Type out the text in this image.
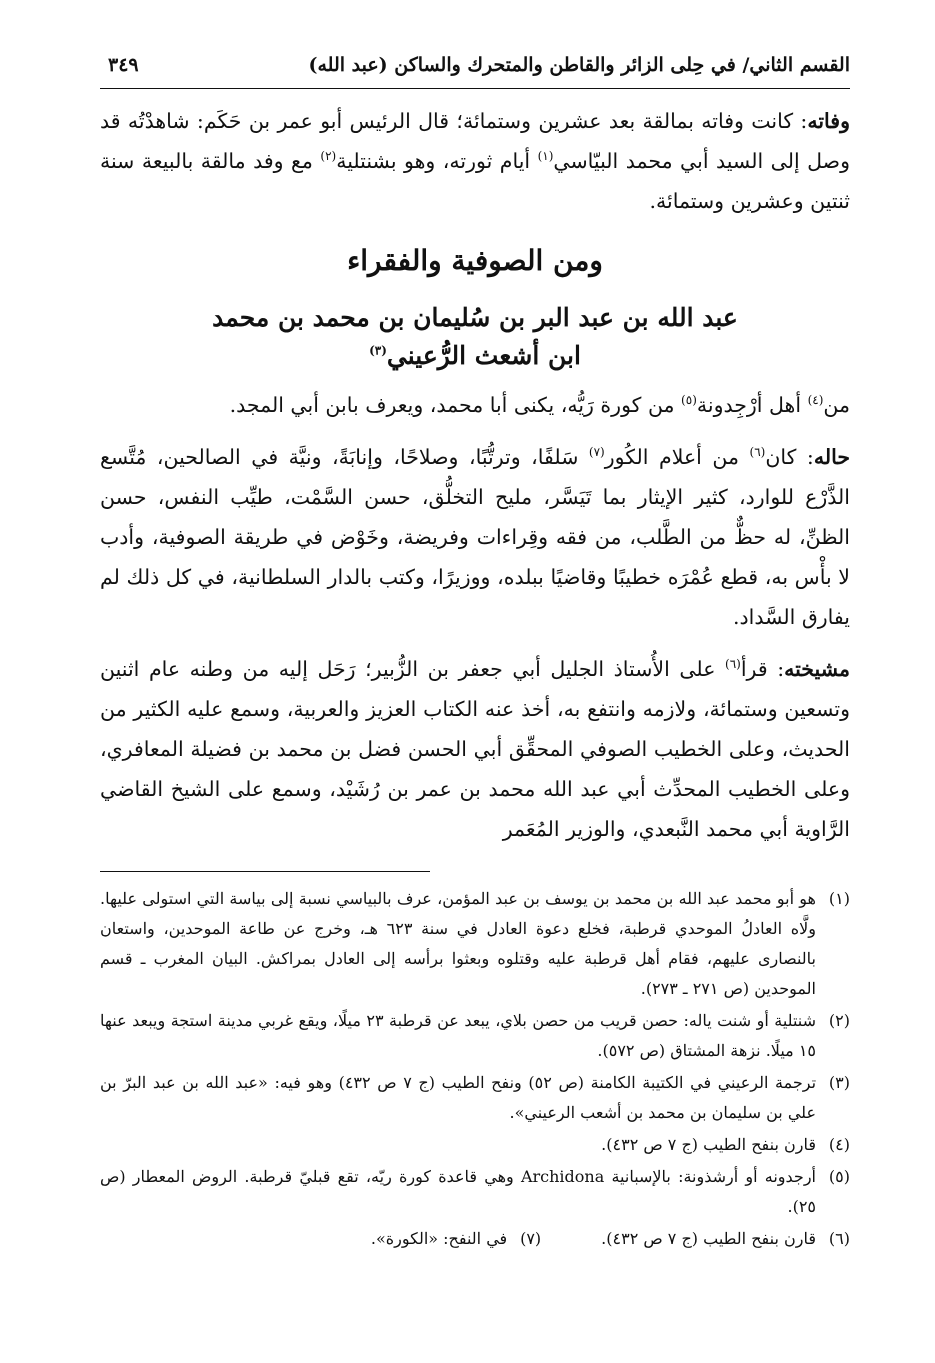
القسم الثاني/ في حِلى الزائر والقاطن والمتحرك والساكن (عبد الله)
٣٤٩

وفاته: كانت وفاته بمالقة بعد عشرين وستمائة؛ قال الرئيس أبو عمر بن حَكَم: شاهدْتُه قد وصل إلى السيد أبي محمد البيّاسي$^{(١)}$ أيام ثورته، وهو بشنتلية$^{(٢)}$ مع وفد مالقة بالبيعة سنة ثنتين وعشرين وستمائة.

ومن الصوفية والفقراء
عبد الله بن عبد البر بن سُليمان بن محمد بن محمد
ابن أشعث الرُّعيني$^{(٣)}$

من$^{(٤)}$ أهل أرْجِدونة$^{(٥)}$ من كورة رَيُّه، يكنى أبا محمد، ويعرف بابن أبي المجد.

حاله: كان$^{(٦)}$ من أعلام الكُور$^{(٧)}$ سَلفًا، وترتُّبًا، وصلاحًا، وإنابَةً، ونيَّة في الصالحين، مُتَّسع الذَّرْع للوارد، كثير الإيثار بما تَيَسَّر، مليح التخلُّق، حسن السَّمْت، طيِّب النفس، حسن الظنِّ، له حظٌّ من الطَّلب، من فقه وقِراءات وفريضة، وخَوْض في طريقة الصوفية، وأدب لا بأْس به، قطع عُمْرَه خطيبًا وقاضيًا ببلده، ووزيرًا، وكتب بالدار السلطانية، في كل ذلك لم يفارق السَّداد.

مشيخته: قرأ$^{(٦)}$ على الأُستاذ الجليل أبي جعفر بن الزُّبير؛ رَحَل إليه من وطنه عام اثنين وتسعين وستمائة، ولازمه وانتفع به، أخذ عنه الكتاب العزيز والعربية، وسمع عليه الكثير من الحديث، وعلى الخطيب الصوفي المحقِّق أبي الحسن فضل بن محمد بن فضيلة المعافري، وعلى الخطيب المحدِّث أبي عبد الله محمد بن عمر بن رُشَيْد، وسمع على الشيخ القاضي الرَّاوية أبي محمد النَّبعدي، والوزير المُعَمر

(١)
هو أبو محمد عبد الله بن محمد بن يوسف بن عبد المؤمن، عرف بالبياسي نسبة إلى بياسة التي استولى عليها. ولَّاه العادلُ الموحدي قرطبة، فخلع دعوة العادل في سنة ٦٢٣ هـ، وخرج عن طاعة الموحدين، واستعان بالنصارى عليهم، فقام أهل قرطبة عليه وقتلوه وبعثوا برأسه إلى العادل بمراكش. البيان المغرب ـ قسم الموحدين (ص ٢٧١ ـ ٢٧٣).
(٢)
شنتلية أو شنت ياله: حصن قريب من حصن بلاي، يبعد عن قرطبة ٢٣ ميلًا، ويقع غربي مدينة استجة ويبعد عنها ١٥ ميلًا. نزهة المشتاق (ص ٥٧٢).
(٣)
ترجمة الرعيني في الكتيبة الكامنة (ص ٥٢) ونفح الطيب (ج ٧ ص ٤٣٢) وهو فيه: «عبد الله بن عبد البرّ بن علي بن سليمان بن محمد بن أشعب الرعيني».
(٤)
قارن بنفح الطيب (ج ٧ ص ٤٣٢).
(٥)
أرجدونه أو أرشذونة: بالإسبانية Archidona وهي قاعدة كورة ريّه، تقع قبليّ قرطبة. الروض المعطار (ص ٢٥).
(٦)
قارن بنفح الطيب (ج ٧ ص ٤٣٢).
(٧)
في النفح: «الكورة».
